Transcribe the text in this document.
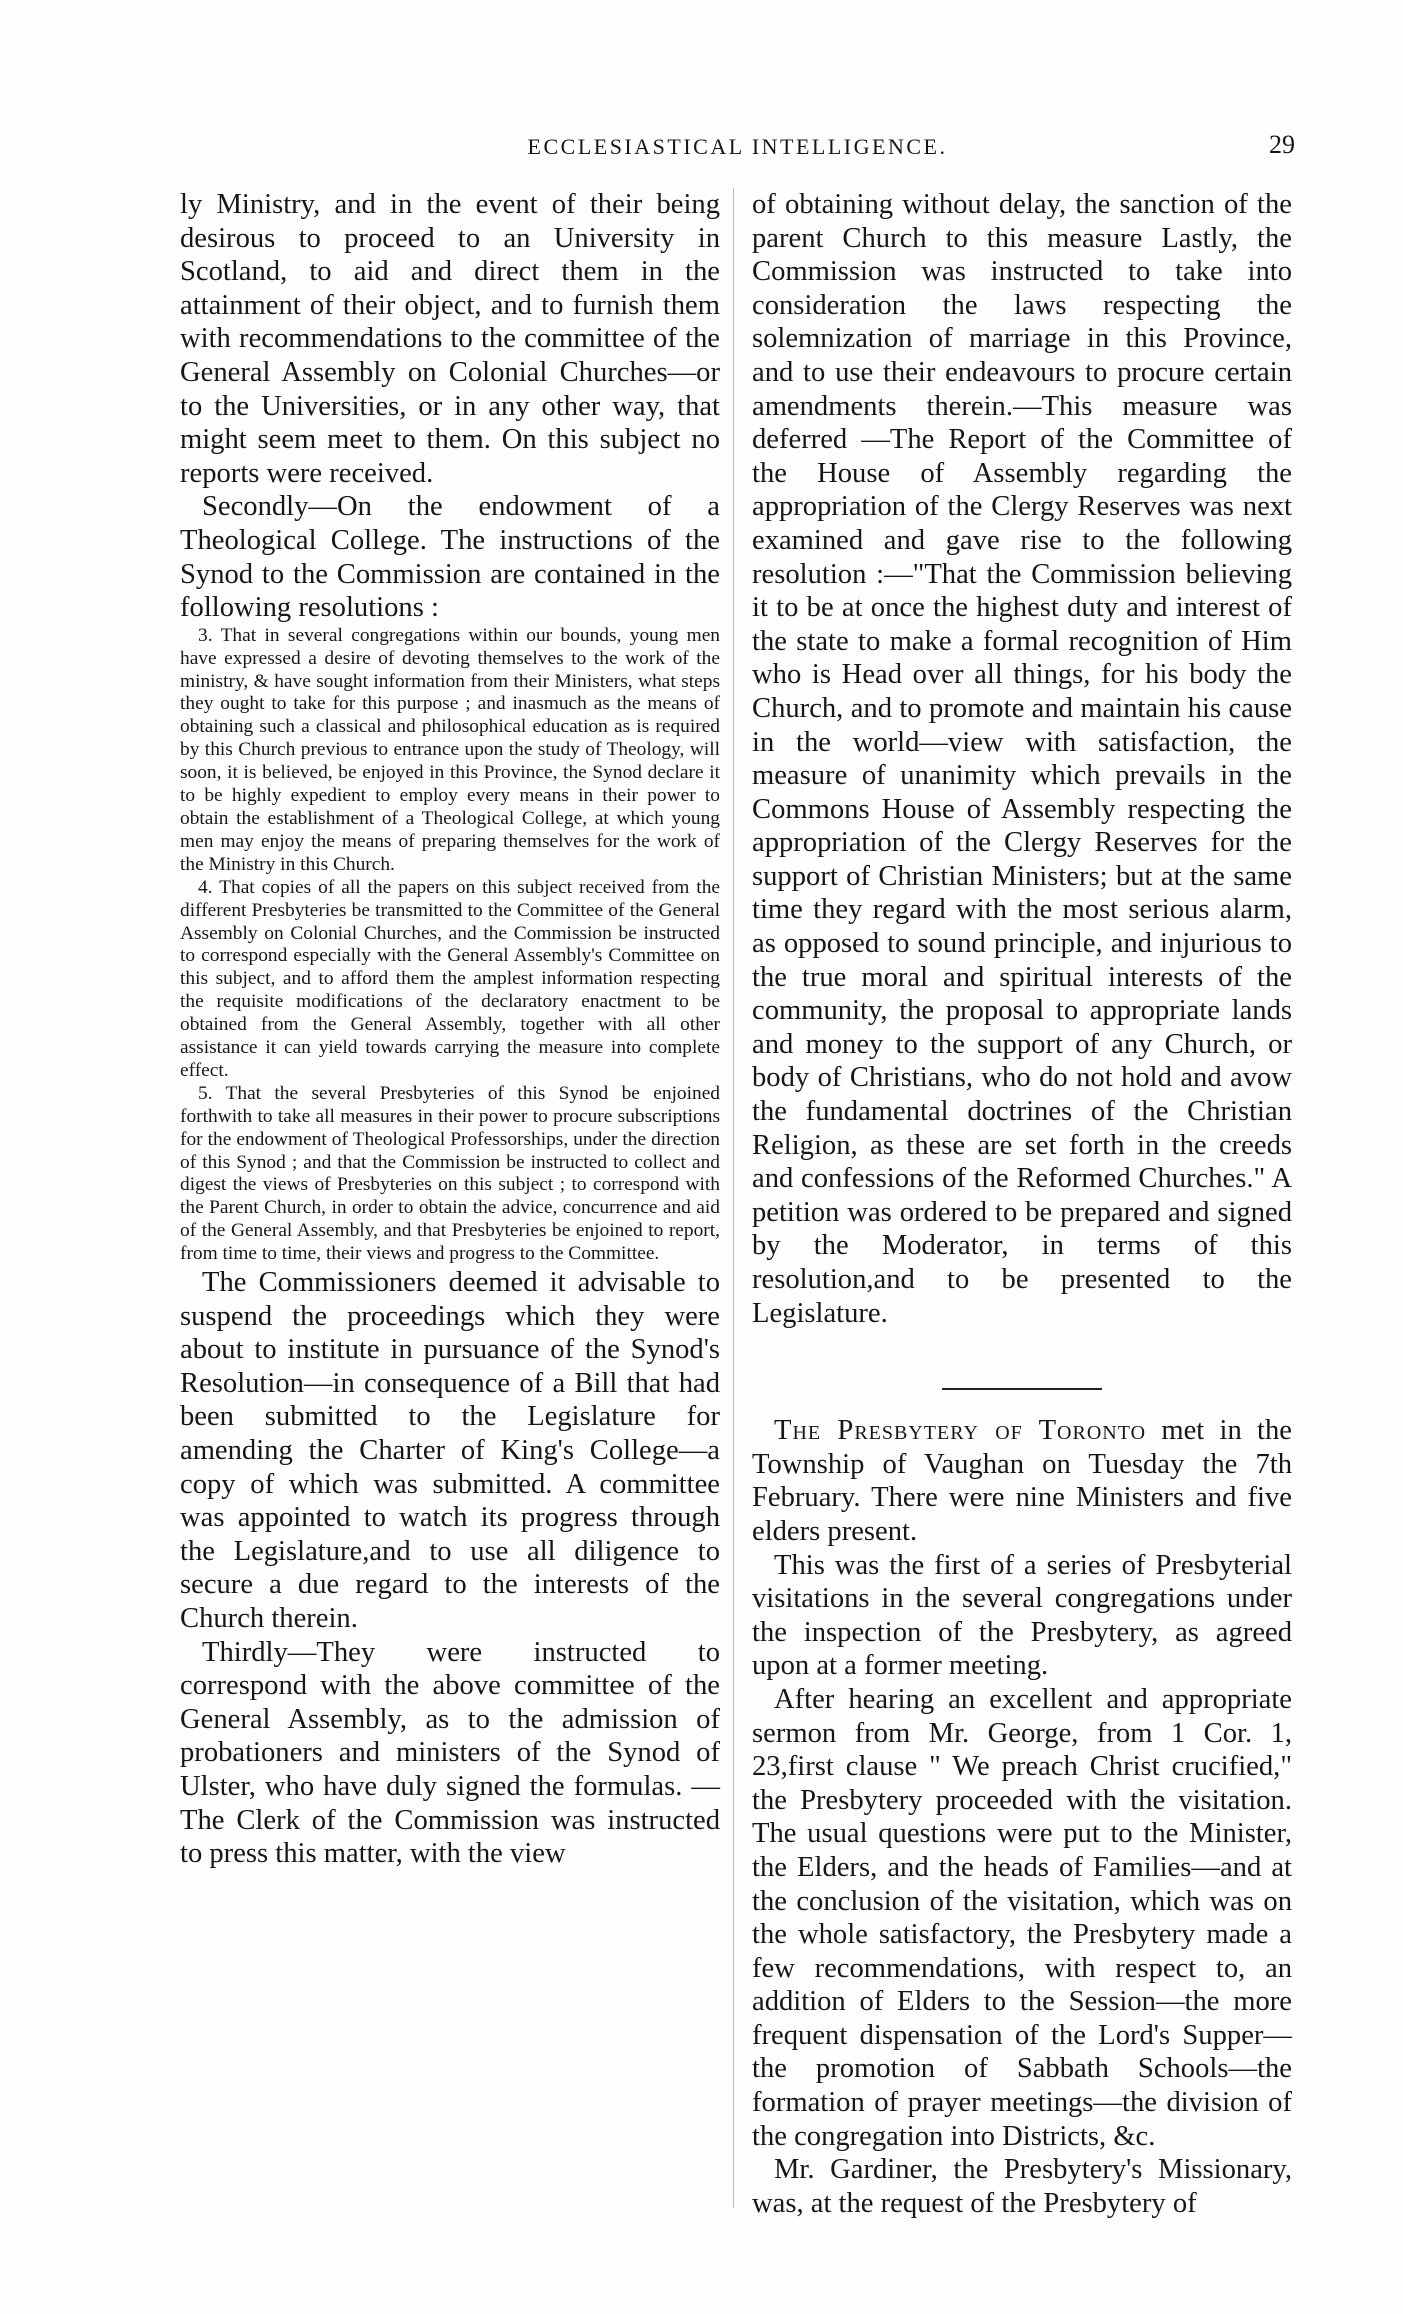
ECCLESIASTICAL INTELLIGENCE.	29

ly Ministry, and in the event of their being desirous to proceed to an University in Scotland, to aid and direct them in the attainment of their object, and to furnish them with recommendations to the committee of the General Assembly on Colonial Churches—or to the Universities, or in any other way, that might seem meet to them. On this subject no reports were received.

Secondly—On the endowment of a Theological College. The instructions of the Synod to the Commission are contained in the following resolutions :

3. That in several congregations within our bounds, young men have expressed a desire of devoting themselves to the work of the ministry, & have sought information from their Ministers, what steps they ought to take for this purpose ; and inasmuch as the means of obtaining such a classical and philosophical education as is required by this Church previous to entrance upon the study of Theology, will soon, it is believed, be enjoyed in this Province, the Synod declare it to be highly expedient to employ every means in their power to obtain the establishment of a Theological College, at which young men may enjoy the means of preparing themselves for the work of the Ministry in this Church.

4. That copies of all the papers on this subject received from the different Presbyteries be transmitted to the Committee of the General Assembly on Colonial Churches, and the Commission be instructed to correspond especially with the General Assembly's Committee on this subject, and to afford them the amplest information respecting the requisite modifications of the declaratory enactment to be obtained from the General Assembly, together with all other assistance it can yield towards carrying the measure into complete effect.

5. That the several Presbyteries of this Synod be enjoined forthwith to take all measures in their power to procure subscriptions for the endowment of Theological Professorships, under the direction of this Synod ; and that the Commission be instructed to collect and digest the views of Presbyteries on this subject ; to correspond with the Parent Church, in order to obtain the advice, concurrence and aid of the General Assembly, and that Presbyteries be enjoined to report, from time to time, their views and progress to the Committee.

The Commissioners deemed it advisable to suspend the proceedings which they were about to institute in pursuance of the Synod's Resolution—in consequence of a Bill that had been submitted to the Legislature for amending the Charter of King's College—a copy of which was submitted. A committee was appointed to watch its progress through the Legislature,and to use all diligence to secure a due regard to the interests of the Church therein.

Thirdly—They were instructed to correspond with the above committee of the General Assembly, as to the admission of probationers and ministers of the Synod of Ulster, who have duly signed the formulas. —The Clerk of the Commission was instructed to press this matter, with the view

of obtaining without delay, the sanction of the parent Church to this measure Lastly, the Commission was instructed to take into consideration the laws respecting the solemnization of marriage in this Province, and to use their endeavours to procure certain amendments therein.—This measure was deferred —The Report of the Committee of the House of Assembly regarding the appropriation of the Clergy Reserves was next examined and gave rise to the following resolution :—"That the Commission believing it to be at once the highest duty and interest of the state to make a formal recognition of Him who is Head over all things, for his body the Church, and to promote and maintain his cause in the world—view with satisfaction, the measure of unanimity which prevails in the Commons House of Assembly respecting the appropriation of the Clergy Reserves for the support of Christian Ministers; but at the same time they regard with the most serious alarm, as opposed to sound principle, and injurious to the true moral and spiritual interests of the community, the proposal to appropriate lands and money to the support of any Church, or body of Christians, who do not hold and avow the fundamental doctrines of the Christian Religion, as these are set forth in the creeds and confessions of the Reformed Churches." A petition was ordered to be prepared and signed by the Moderator, in terms of this resolution,and to be presented to the Legislature.

The Presbytery of Toronto met in the Township of Vaughan on Tuesday the 7th February. There were nine Ministers and five elders present.

This was the first of a series of Presbyterial visitations in the several congregations under the inspection of the Presbytery, as agreed upon at a former meeting.

After hearing an excellent and appropriate sermon from Mr. George, from 1 Cor. 1, 23,first clause " We preach Christ crucified," the Presbytery proceeded with the visitation. The usual questions were put to the Minister, the Elders, and the heads of Families—and at the conclusion of the visitation, which was on the whole satisfactory, the Presbytery made a few recommendations, with respect to, an addition of Elders to the Session—the more frequent dispensation of the Lord's Supper—the promotion of Sabbath Schools—the formation of prayer meetings—the division of the congregation into Districts, &c.

Mr. Gardiner, the Presbytery's Missionary, was, at the request of the Presbytery of
